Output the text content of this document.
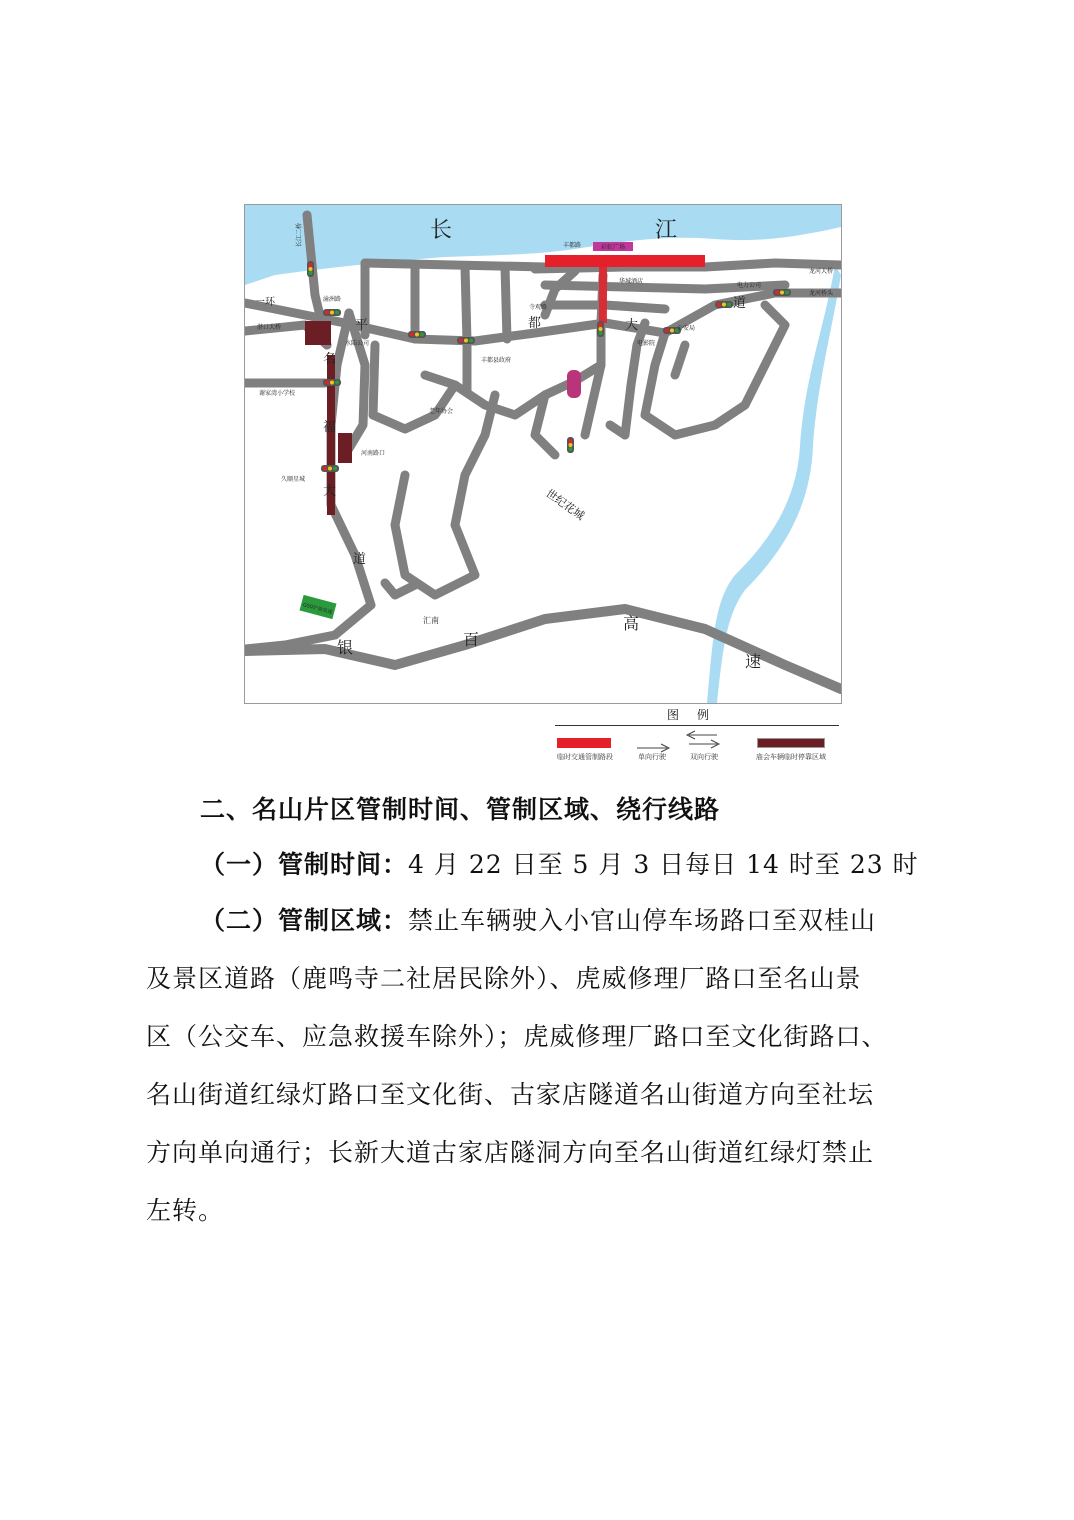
彩虹广场
G50沪渝高速
长	江
平	都	大
道
名
福
大
道
银	百
高
速
丰都路
华城酒店
电力公司
公安局
电影院
丰都县政府
老年协会
龙河大桥
龙河桥头
谢家湾小学校
久顺星城
河南路口
渝洲路
汇南
世纪花城
湛口大桥
一环	寺观路
水陆公司
长江二桥
图例
临时交通管制路段	单向行驶	双向行驶	庙会车辆临时停靠区域
二、名山片区管制时间、管制区域、绕行线路
（一）管制时间：4 月 22 日至 5 月 3 日每日 14 时至 23 时
（二）管制区域：禁止车辆驶入小官山停车场路口至双桂山
及景区道路（鹿鸣寺二社居民除外）、虎威修理厂路口至名山景
区（公交车、应急救援车除外）；虎威修理厂路口至文化街路口、
名山街道红绿灯路口至文化街、古家店隧道名山街道方向至社坛
方向单向通行；长新大道古家店隧洞方向至名山街道红绿灯禁止
左转。
